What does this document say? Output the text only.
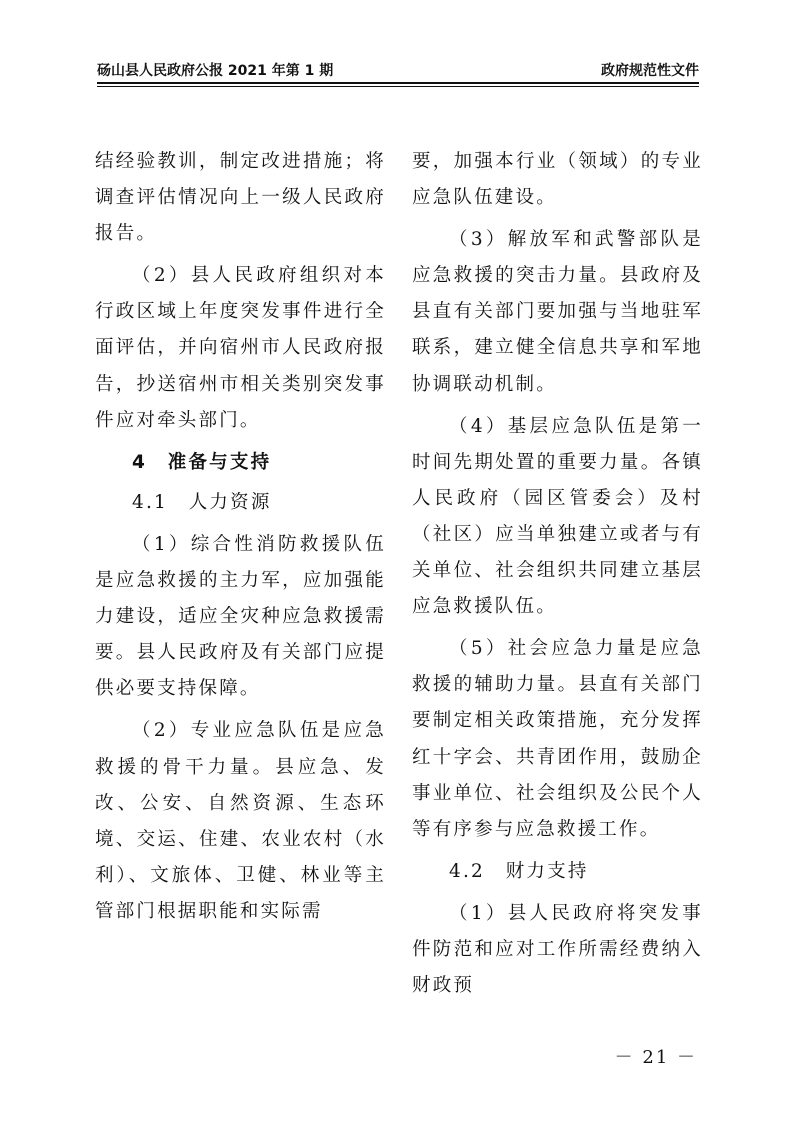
砀山县人民政府公报 2021 年第 1 期	政府规范性文件

结经验教训，制定改进措施；将调查评估情况向上一级人民政府报告。

（2）县人民政府组织对本行政区域上年度突发事件进行全面评估，并向宿州市人民政府报告，抄送宿州市相关类别突发事件应对牵头部门。

4　准备与支持
4.1　人力资源

（1）综合性消防救援队伍是应急救援的主力军，应加强能力建设，适应全灾种应急救援需要。县人民政府及有关部门应提供必要支持保障。

（2）专业应急队伍是应急救援的骨干力量。县应急、发改、公安、自然资源、生态环境、交运、住建、农业农村（水利）、文旅体、卫健、林业等主管部门根据职能和实际需

要，加强本行业（领域）的专业应急队伍建设。

（3）解放军和武警部队是应急救援的突击力量。县政府及县直有关部门要加强与当地驻军联系，建立健全信息共享和军地协调联动机制。

（4）基层应急队伍是第一时间先期处置的重要力量。各镇人民政府（园区管委会）及村（社区）应当单独建立或者与有关单位、社会组织共同建立基层应急救援队伍。

（5）社会应急力量是应急救援的辅助力量。县直有关部门要制定相关政策措施，充分发挥红十字会、共青团作用，鼓励企事业单位、社会组织及公民个人等有序参与应急救援工作。

4.2　财力支持

（1）县人民政府将突发事件防范和应对工作所需经费纳入财政预

－ 21 －
